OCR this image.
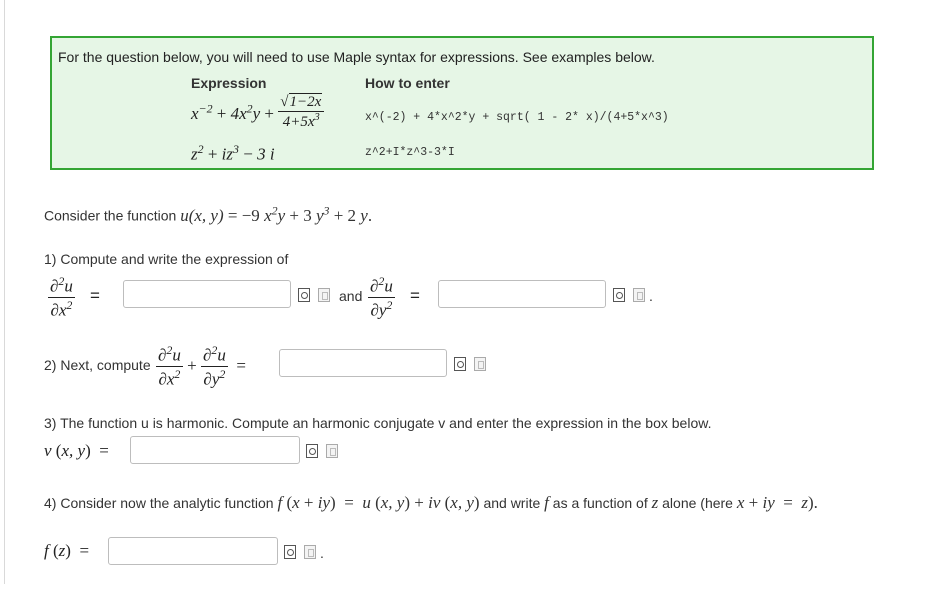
For the question below, you will need to use Maple syntax for expressions. See examples below.
Expression	How to enter
$x^{-2} + 4x^2y + \frac{√1-2x}{4+5x^3}$	x^(-2) + 4*x^2*y + sqrt( 1 - 2* x)/(4+5*x^3)
$z^2 + iz^3 - 3$ i	z^2+I*z^3-3*I
Consider the function u(x, y) = −9 $x^2y + 3$ $y^3 + 2$ y.
1) Compute and write the expression of
$\frac{\partial^2u}{\partial x^2}$ =	and $\frac{\partial^2u}{\partial y^2}$ =	.
2) Next, compute $\frac{\partial^2u}{\partial x^2} + \frac{\partial^2u}{\partial y^2}$ =
3) The function u is harmonic. Compute an harmonic conjugate v and enter the expression in the box below.
v (x, y)  =
4) Consider now the analytic function f (x + iy)  =  u (x, y) + iv (x, y) and write f as a function of z alone (here x + iy  =  z).
f (z)  =	.
